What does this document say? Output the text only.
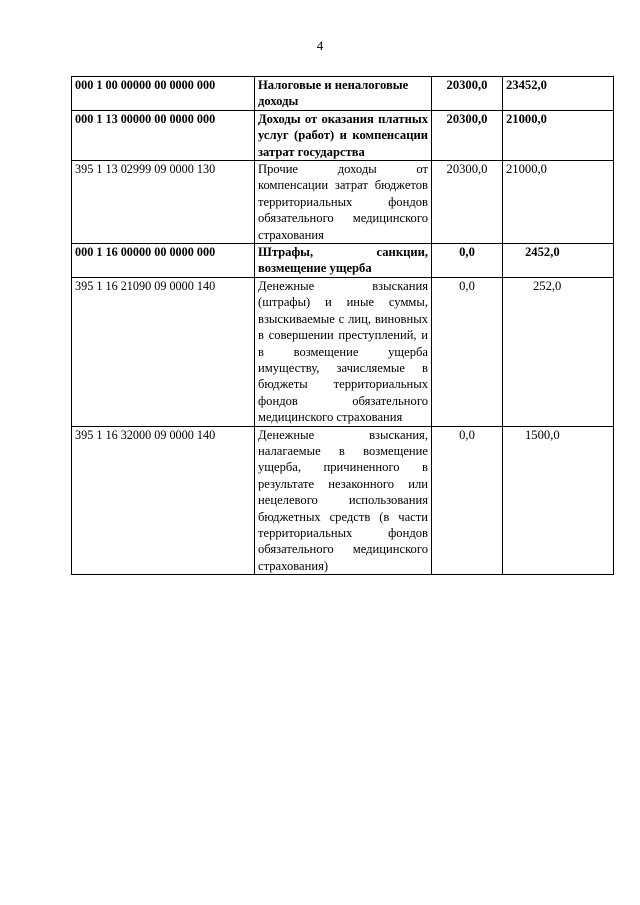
4
000 1 00 00000 00 0000 000	Налоговые и неналоговые доходы	20300,0	23452,0
000 1 13 00000 00 0000 000	Доходы от оказания платных услуг (работ) и компенсации затрат государства	20300,0	21000,0
395 1 13 02999 09 0000 130	Прочие доходы от компенсации затрат бюджетов территориальных фондов обязательного медицинского страхования	20300,0	21000,0
000 1 16 00000 00 0000 000	Штрафы, санкции, возмещение ущерба	0,0	2452,0
395 1 16 21090 09 0000 140	Денежные взыскания (штрафы) и иные суммы, взыскиваемые с лиц, виновных в совершении преступлений, и в возмещение ущерба имуществу, зачисляемые в бюджеты территориальных фондов обязательного медицинского страхования	0,0	252,0
395 1 16 32000 09 0000 140	Денежные взыскания, налагаемые в возмещение ущерба, причиненного в результате незаконного или нецелевого использования бюджетных средств (в части территориальных фондов обязательного медицинского страхования)	0,0	1500,0
